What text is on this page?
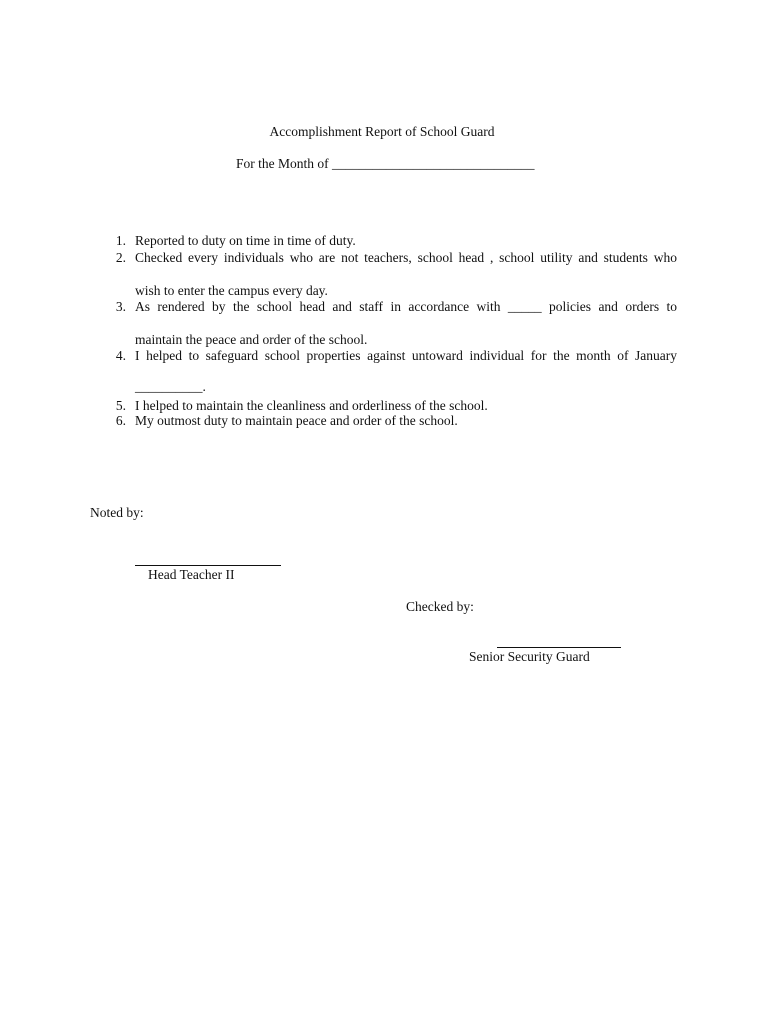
Accomplishment Report of School Guard
For the Month of ______________________________
1. Reported to duty on time in time of duty.
2. Checked every individuals who are not teachers, school head , school utility and students who
wish to enter the campus every day.
3. As rendered by the school head and staff in accordance with _____ policies and orders to
maintain the peace and order of the school.
4. I helped to safeguard school properties against untoward individual for the month of January
__________.
5. I helped to maintain the cleanliness and orderliness of the school.
6. My outmost duty to maintain peace and order of the school.
Noted by:
Head Teacher II
Checked by:
Senior Security Guard
